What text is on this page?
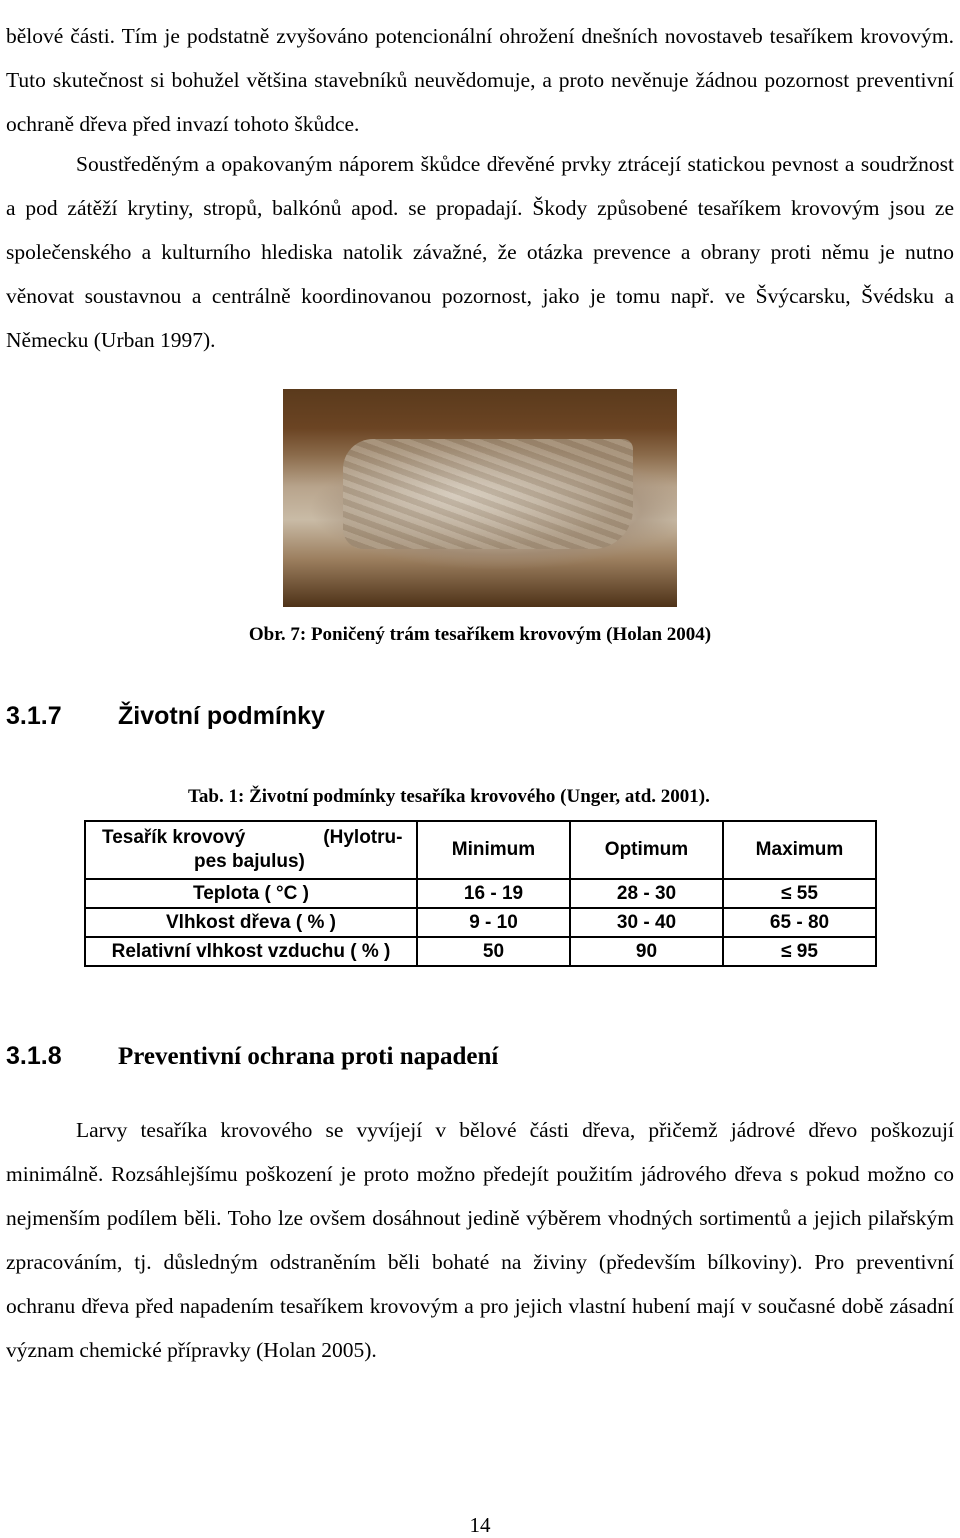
bělové části. Tím je podstatně zvyšováno potencionální ohrožení dnešních novostaveb tesaříkem krovovým. Tuto skutečnost si bohužel většina stavebníků neuvědomuje, a proto nevěnuje žádnou pozornost preventivní ochraně dřeva před invazí tohoto škůdce.

Soustředěným a opakovaným náporem škůdce dřevěné prvky ztrácejí statickou pevnost a soudržnost a pod zátěží krytiny, stropů, balkónů apod. se propadají. Škody způsobené tesaříkem krovovým jsou ze společenského a kulturního hlediska natolik závažné, že otázka prevence a obrany proti němu je nutno věnovat soustavnou a centrálně koordinovanou pozornost, jako je tomu např. ve Švýcarsku, Švédsku a Německu (Urban 1997).

Obr. 7: Poničený trám tesaříkem krovovým (Holan 2004)
3.1.7 Životní podmínky
Tab. 1: Životní podmínky tesaříka krovového (Unger, atd. 2001).
Tesařík krovový (Hylotru-
pes bajulus)	Minimum	Optimum	Maximum
Teplota ( °C )	16 - 19	28 - 30	≤ 55
Vlhkost dřeva ( % )	9 - 10	30 - 40	65 - 80
Relativní vlhkost vzduchu ( % )	50	90	≤ 95
3.1.8 Preventivní ochrana proti napadení

Larvy tesaříka krovového se vyvíjejí v bělové části dřeva, přičemž jádrové dřevo poškozují minimálně. Rozsáhlejšímu poškození je proto možno předejít použitím jádrového dřeva s pokud možno co nejmenším podílem běli. Toho lze ovšem dosáhnout jedině výběrem vhodných sortimentů a jejich pilařským zpracováním, tj. důsledným odstraněním běli bohaté na živiny (především bílkoviny). Pro preventivní ochranu dřeva před napadením tesaříkem krovovým a pro jejich vlastní hubení mají v současné době zásadní význam chemické přípravky (Holan 2005).

14
